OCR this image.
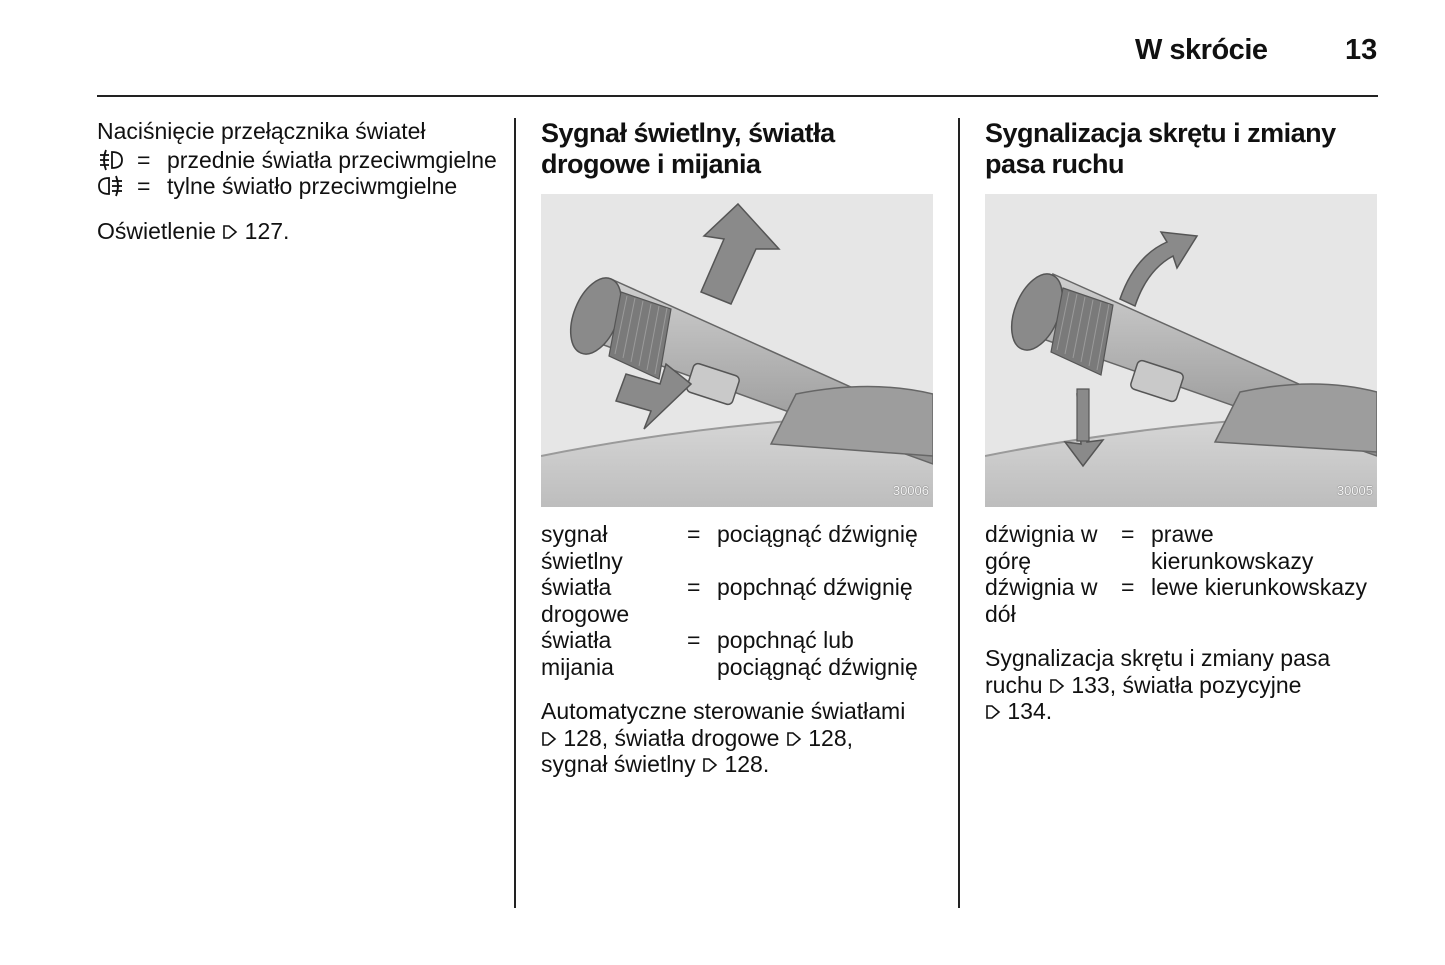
W skrócie	13

Naciśnięcie przełącznika świateł

= przednie światła przeciwmgielne
= tylne światło przeciwmgielne

Oświetlenie 127.

Sygnał świetlny, światła drogowe i mijania
30006
sygnał świetlny
= pociągnąć dźwignię
światła drogowe
= popchnąć dźwignię
światła mijania
= popchnąć lub pociągnąć dźwignię

Automatyczne sterowanie światłami
128, światła drogowe 128,
sygnał świetlny 128.

Sygnalizacja skrętu i zmiany pasa ruchu
30005
dźwignia w górę
= prawe kierunkowskazy
dźwignia w dół
= lewe kierunkowskazy

Sygnalizacja skrętu i zmiany pasa ruchu 133, światła pozycyjne
134.
